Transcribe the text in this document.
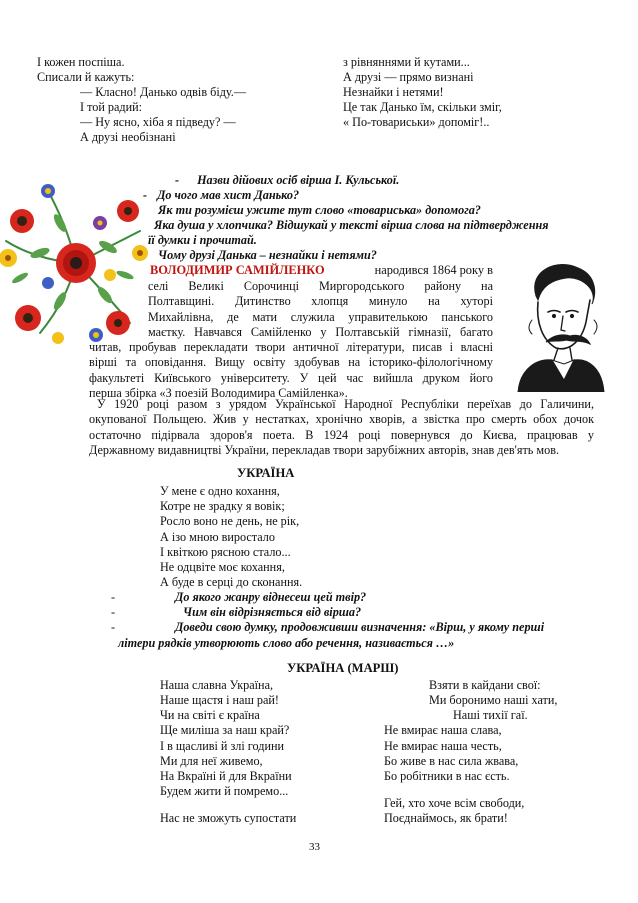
І кожен поспіша.
Списали й кажуть:
— Класно! Данько одвів біду.—
І той радий:
— Ну ясно, хіба я підведу? —
А друзі необізнані
з рівняннями й кутами...
А друзі — прямо визнані
Незнайки і нетями!
Це так Данько їм, скільки зміг,
« По-товариськи» допоміг!..
- Назви дійових осіб вірша І. Кульської.
- До чого мав хист Данько?
Як ти розумієш ужите тут слово «товариська» допомога?
Яка душа у хлопчика? Відшукай у тексті вірша слова на підтвердження
її думки і прочитай.
Чому друзі Данька – незнайки і нетями?
ВОЛОДИМИР САМІЙЛЕНКО	народився 1864 року в
селі Великі Сорочинці Миргородського району на
Полтавщині. Дитинство хлопця минуло на хуторі
Михайлівна, де мати служила управителькою панського
маєтку. Навчався Самійленко у Полтавській гімназії, багато
читав, пробував перекладати твори античної літератури, писав і власні
вірші та оповідання. Вищу освіту здобував на історико-філологічному
факультеті Київського університету. У цей час вийшла друком його
перша збірка «З поезій Володимира Самійленка».
У 1920 році разом з урядом Української Народної Республіки переїхав до Галичини,
окупованої Польщею. Жив у нестатках, хронічно хворів, а звістка про смерть обох дочок
остаточно підірвала здоров'я поета. В 1924 році повернувся до Києва, працював у
Державному видавництві України, перекладав твори зарубіжних авторів, знав дев'ять мов.
УКРАЇНА
У мене є одно кохання,
Котре не зрадку я вовік;
Росло воно не день, не рік,
А ізо мною виростало
І квіткою рясною стало...
Не одцвіте моє кохання,
А буде в серці до сконання.
-	До якого жанру віднесеш цей твір?
-	Чим він відрізняється від вірша?
-	Доведи свою думку, продовживши визначення: «Вірш, у якому перші
літери рядків утворюють слово або речення, називається …»
УКРАЇНА (МАРШ)
Наша славна Україна,
Наше щастя і наш рай!
Чи на світі є країна
Ще миліша за наш край?
І в щасливі й злі години
Ми для неї живемо,
На Вкраїні й для Вкраїни
Будем жити й помремо...
Нас не зможуть супостати
Взяти в кайдани свої:
Ми боронимо наші хати,
Наші тихії гаї.
Не вмирає наша слава,
Не вмирає наша честь,
Бо живе в нас сила жвава,
Бо робітники в нас єсть.
Гей, хто хоче всім свободи,
Поєднаймось, як брати!
33
